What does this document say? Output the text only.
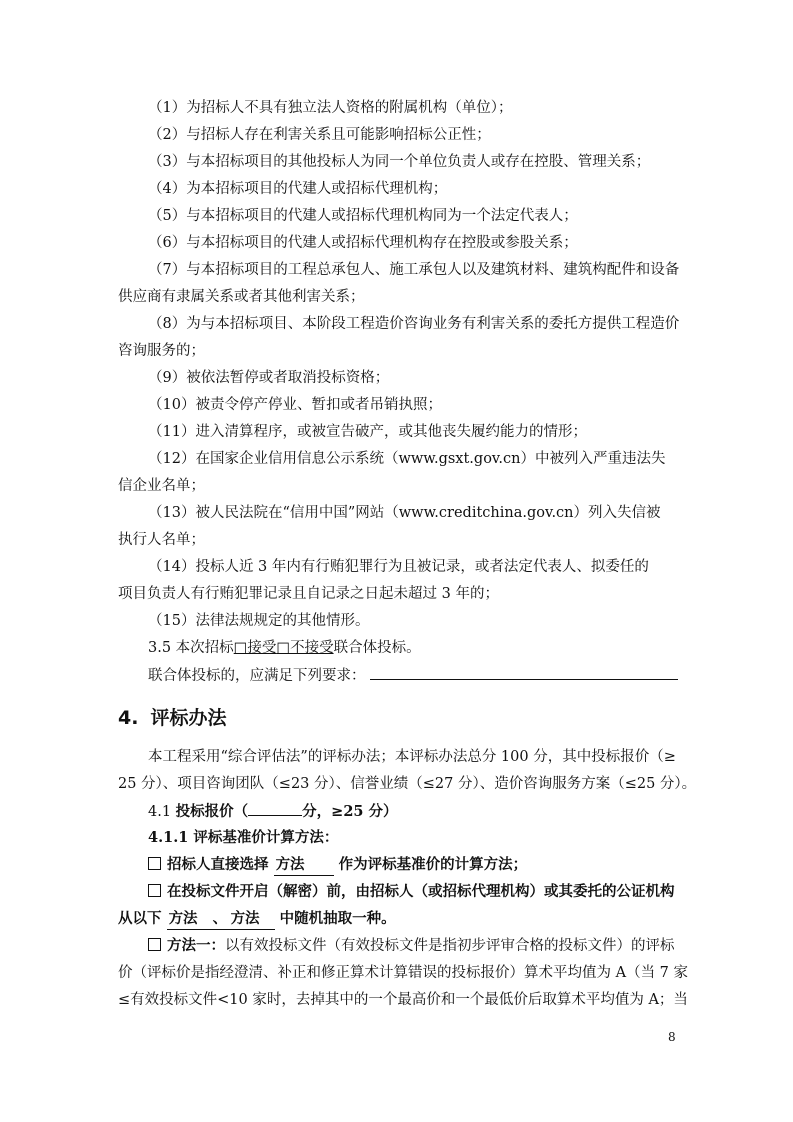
（1）为招标人不具有独立法人资格的附属机构（单位）；
（2）与招标人存在利害关系且可能影响招标公正性；
（3）与本招标项目的其他投标人为同一个单位负责人或存在控股、管理关系；
（4）为本招标项目的代建人或招标代理机构；
（5）与本招标项目的代建人或招标代理机构同为一个法定代表人；
（6）与本招标项目的代建人或招标代理机构存在控股或参股关系；
（7）与本招标项目的工程总承包人、施工承包人以及建筑材料、建筑构配件和设备
供应商有隶属关系或者其他利害关系；
（8）为与本招标项目、本阶段工程造价咨询业务有利害关系的委托方提供工程造价
咨询服务的；
（9）被依法暂停或者取消投标资格；
（10）被责令停产停业、暂扣或者吊销执照；
（11）进入清算程序，或被宣告破产，或其他丧失履约能力的情形；
（12）在国家企业信用信息公示系统（www.gsxt.gov.cn）中被列入严重违法失
信企业名单；
（13）被人民法院在“信用中国”网站（www.creditchina.gov.cn）列入失信被
执行人名单；
（14）投标人近 3 年内有行贿犯罪行为且被记录，或者法定代表人、拟委任的
项目负责人有行贿犯罪记录且自记录之日起未超过 3 年的；
（15）法律法规规定的其他情形。
3.5 本次招标□接受□不接受联合体投标。
联合体投标的，应满足下列要求：
4. 评标办法
本工程采用“综合评估法”的评标办法；本评标办法总分 100 分，其中投标报价（≥
25 分）、项目咨询团队（≤23 分）、信誉业绩（≤27 分）、造价咨询服务方案（≤25 分）。
4.1 投标报价（	分，≥25 分）
4.1.1 评标基准价计算方法：
招标人直接选择 方法 作为评标基准价的计算方法；
在投标文件开启（解密）前，由招标人（或招标代理机构）或其委托的公证机构
从以下 方法 、 方法 中随机抽取一种。
方法一：以有效投标文件（有效投标文件是指初步评审合格的投标文件）的评标
价（评标价是指经澄清、补正和修正算术计算错误的投标报价）算术平均值为 A（当 7 家
≤有效投标文件<10 家时，去掉其中的一个最高价和一个最低价后取算术平均值为 A；当
8
